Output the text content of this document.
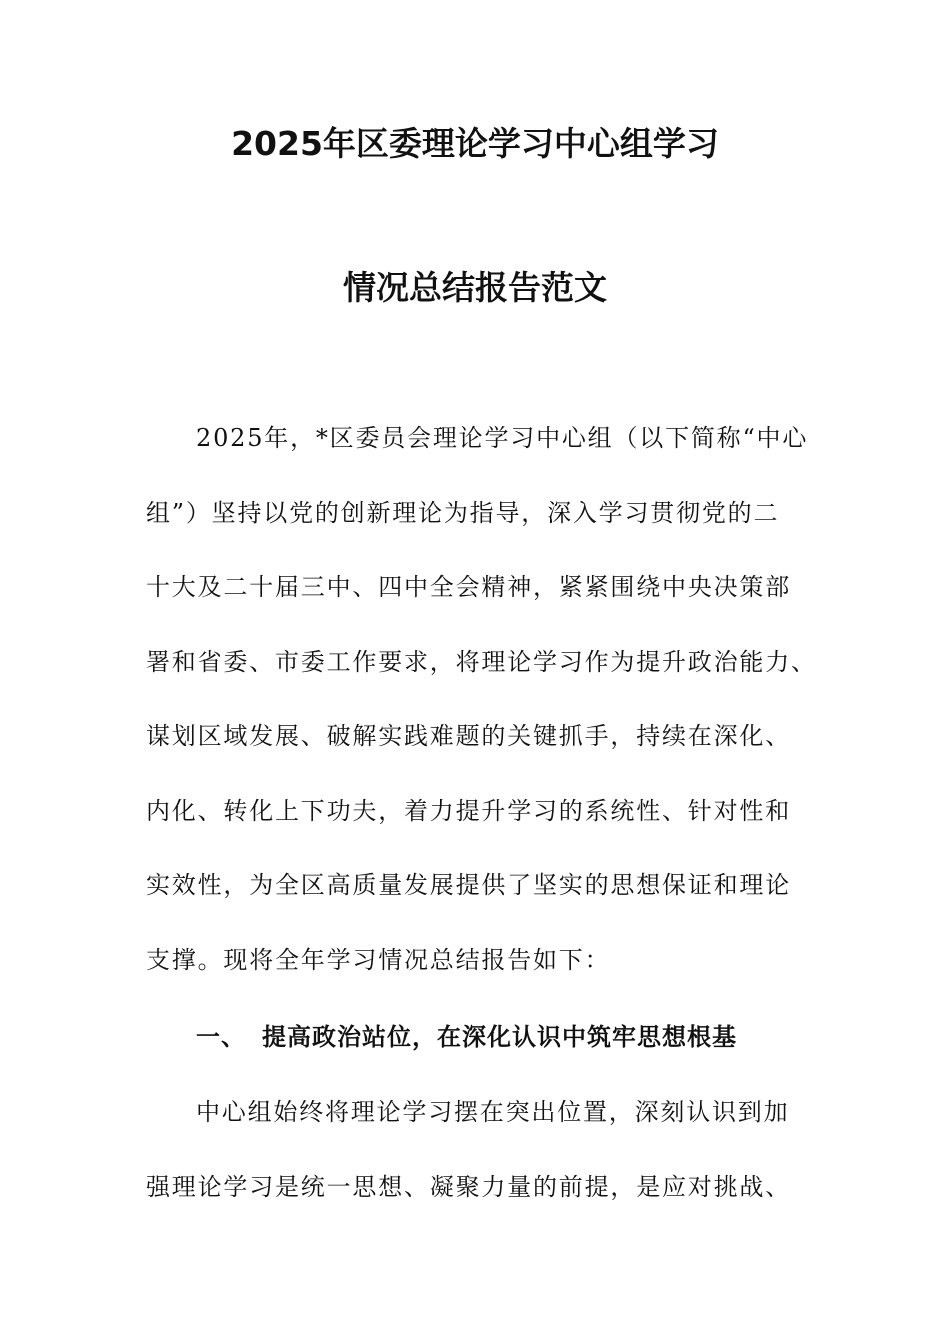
2025年区委理论学习中心组学习
情况总结报告范文
2025年，*区委员会理论学习中心组（以下简称“中心
组”）坚持以党的创新理论为指导，深入学习贯彻党的二
十大及二十届三中、四中全会精神，紧紧围绕中央决策部
署和省委、市委工作要求，将理论学习作为提升政治能力、
谋划区域发展、破解实践难题的关键抓手，持续在深化、
内化、转化上下功夫，着力提升学习的系统性、针对性和
实效性，为全区高质量发展提供了坚实的思想保证和理论
支撑。现将全年学习情况总结报告如下：
一、 提高政治站位，在深化认识中筑牢思想根基
中心组始终将理论学习摆在突出位置，深刻认识到加
强理论学习是统一思想、凝聚力量的前提，是应对挑战、
